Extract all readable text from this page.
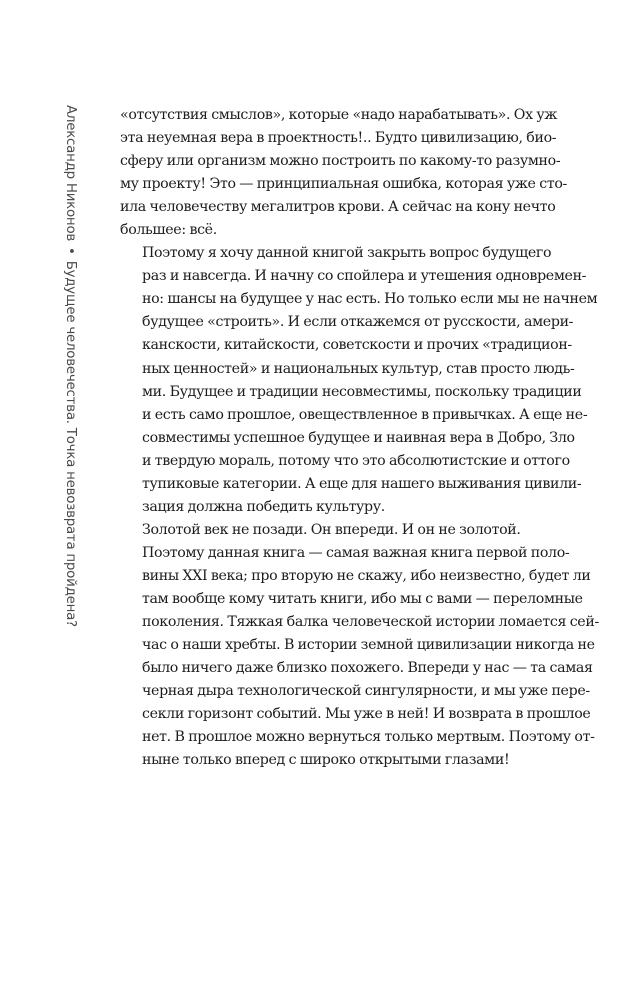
Александр Никонов•Будущее человечества. Точка невозврата пройдена?

«отсутствия смыслов», которые «надо нарабатывать». Ох уж
эта неуемная вера в проектность!.. Будто цивилизацию, био-
сферу или организм можно построить по какому-то разумно-
му проекту! Это — принципиальная ошибка, которая уже сто-
ила человечеству мегалитров крови. А сейчас на кону нечто
большее: всё.

Поэтому я хочу данной книгой закрыть вопрос будущего
раз и навсегда. И начну со спойлера и утешения одновремен-
но: шансы на будущее у нас есть. Но только если мы не начнем
будущее «строить». И если откажемся от русскости, амери-
канскости, китайскости, советскости и прочих «традицион-
ных ценностей» и национальных культур, став просто людь-
ми. Будущее и традиции несовместимы, поскольку традиции
и есть само прошлое, овеществленное в привычках. А еще не-
совместимы успешное будущее и наивная вера в Добро, Зло
и твердую мораль, потому что это абсолютистские и оттого
тупиковые категории. А еще для нашего выживания цивили-
зация должна победить культуру.

Золотой век не позади. Он впереди. И он не золотой.

Поэтому данная книга — самая важная книга первой поло-
вины XXI века; про вторую не скажу, ибо неизвестно, будет ли
там вообще кому читать книги, ибо мы с вами — переломные
поколения. Тяжкая балка человеческой истории ломается сей-
час о наши хребты. В истории земной цивилизации никогда не
было ничего даже близко похожего. Впереди у нас — та самая
черная дыра технологической сингулярности, и мы уже пере-
секли горизонт событий. Мы уже в ней! И возврата в прошлое
нет. В прошлое можно вернуться только мертвым. Поэтому от-
ныне только вперед с широко открытыми глазами!
